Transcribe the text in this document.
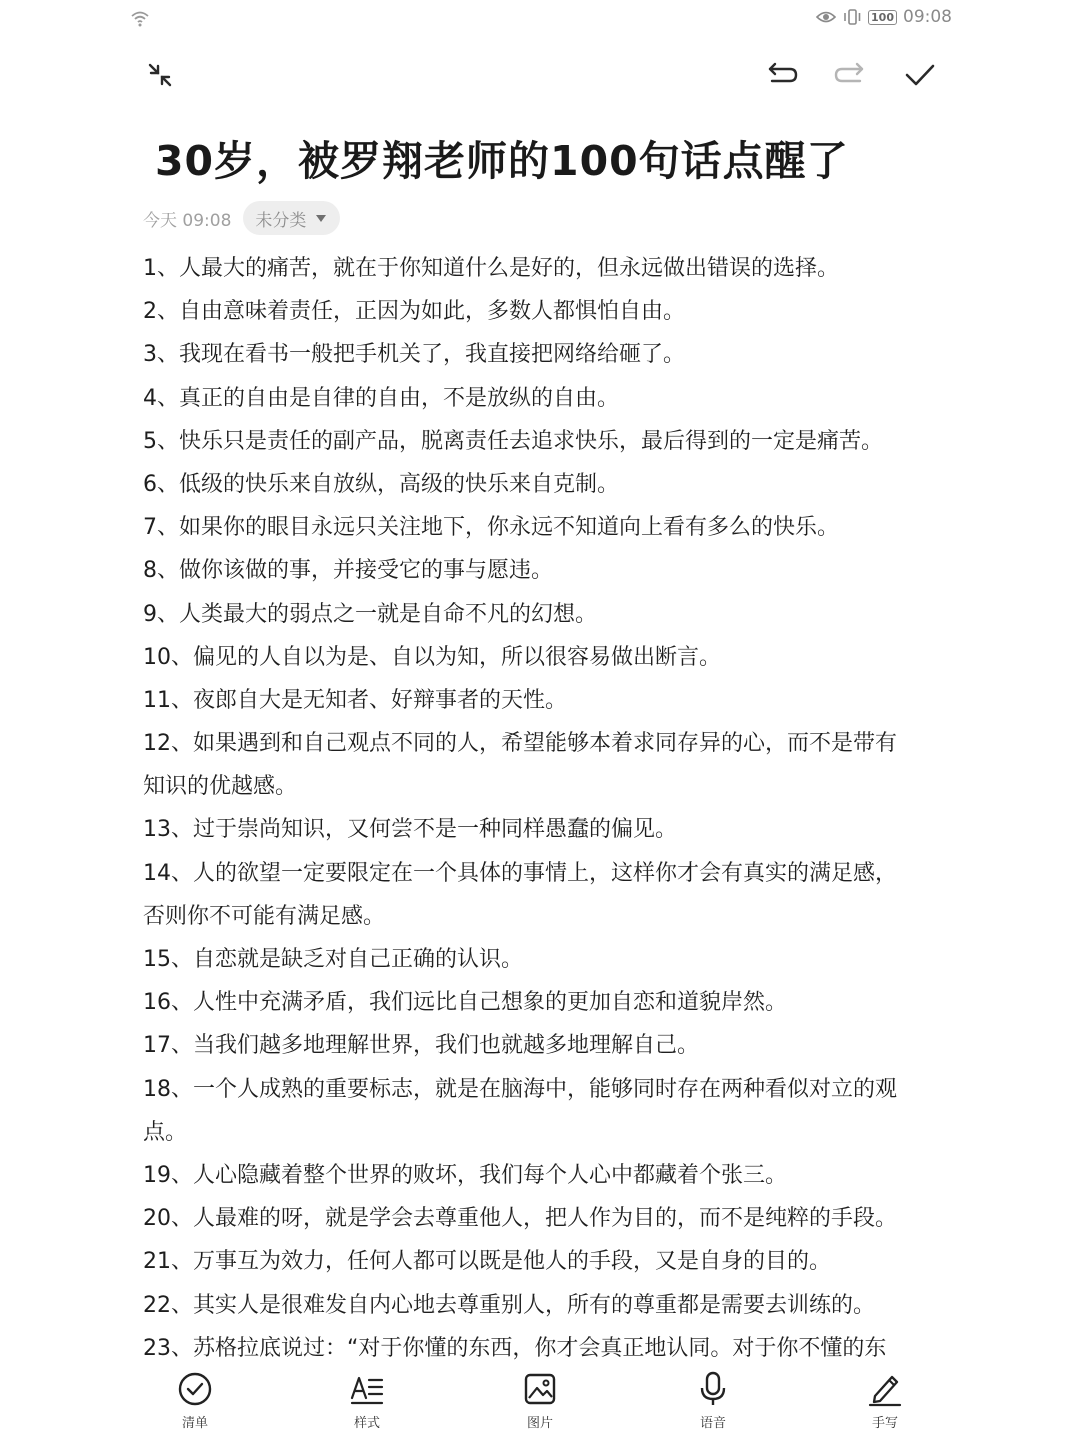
100 09:08
30岁，被罗翔老师的100句话点醒了
今天 09:08 未分类
1、人最大的痛苦，就在于你知道什么是好的，但永远做出错误的选择。
2、自由意味着责任，正因为如此，多数人都惧怕自由。
3、我现在看书一般把手机关了，我直接把网络给砸了。
4、真正的自由是自律的自由，不是放纵的自由。
5、快乐只是责任的副产品，脱离责任去追求快乐，最后得到的一定是痛苦。
6、低级的快乐来自放纵，高级的快乐来自克制。
7、如果你的眼目永远只关注地下，你永远不知道向上看有多么的快乐。
8、做你该做的事，并接受它的事与愿违。
9、人类最大的弱点之一就是自命不凡的幻想。
10、偏见的人自以为是、自以为知，所以很容易做出断言。
11、夜郎自大是无知者、好辩事者的天性。
12、如果遇到和自己观点不同的人，希望能够本着求同存异的心，而不是带有
知识的优越感。
13、过于崇尚知识，又何尝不是一种同样愚蠢的偏见。
14、人的欲望一定要限定在一个具体的事情上，这样你才会有真实的满足感，
否则你不可能有满足感。
15、自恋就是缺乏对自己正确的认识。
16、人性中充满矛盾，我们远比自己想象的更加自恋和道貌岸然。
17、当我们越多地理解世界，我们也就越多地理解自己。
18、一个人成熟的重要标志，就是在脑海中，能够同时存在两种看似对立的观
点。
19、人心隐藏着整个世界的败坏，我们每个人心中都藏着个张三。
20、人最难的呀，就是学会去尊重他人，把人作为目的，而不是纯粹的手段。
21、万事互为效力，任何人都可以既是他人的手段，又是自身的目的。
22、其实人是很难发自内心地去尊重别人，所有的尊重都是需要去训练的。
23、苏格拉底说过：“对于你懂的东西，你才会真正地认同。对于你不懂的东
清单	样式	图片	语音	手写
